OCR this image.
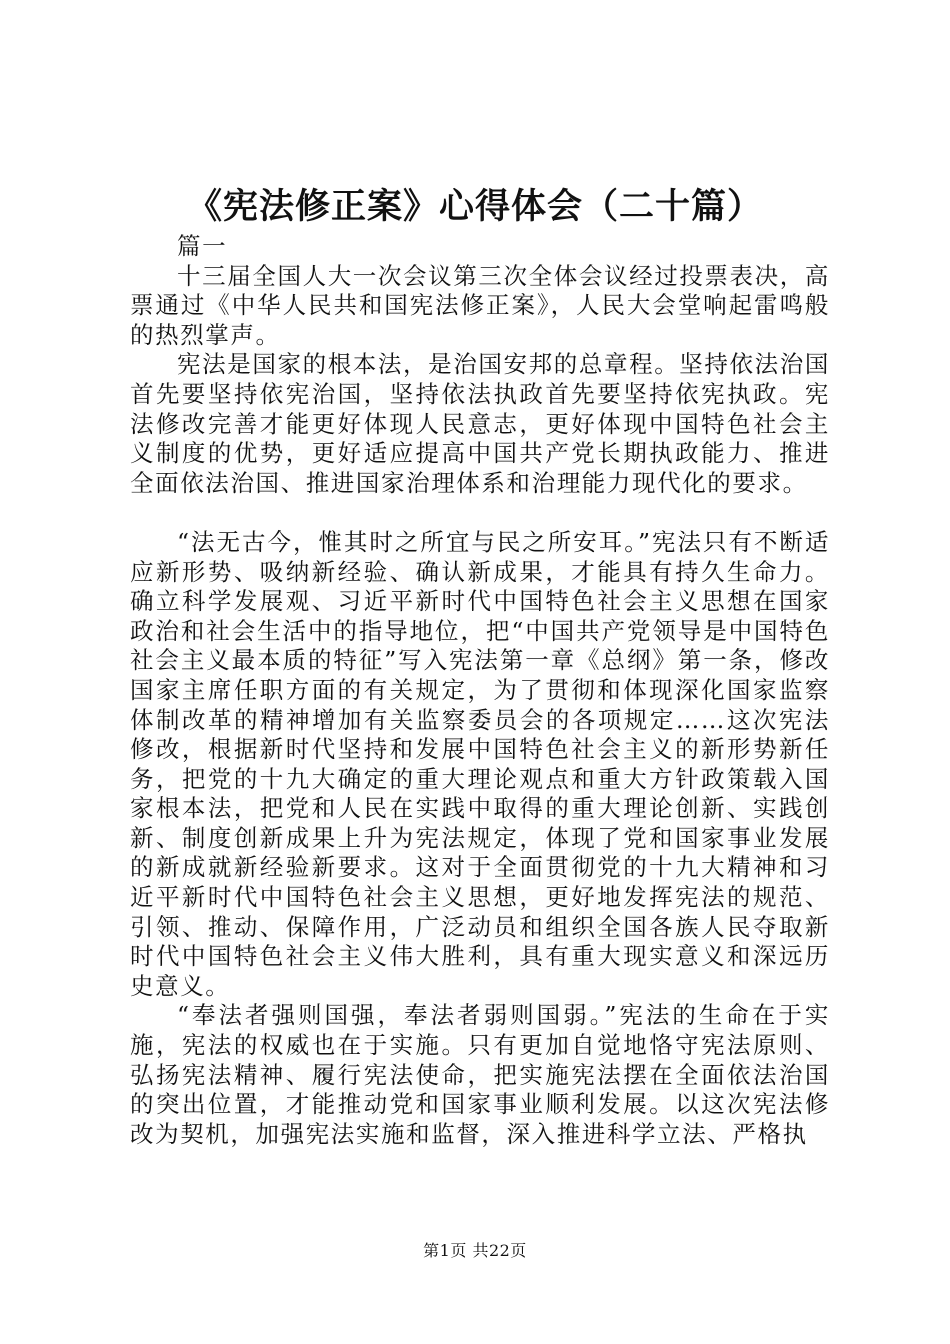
《宪法修正案》心得体会（二十篇）

篇一

十三届全国人大一次会议第三次全体会议经过投票表决，高票通过《中华人民共和国宪法修正案》，人民大会堂响起雷鸣般的热烈掌声。

宪法是国家的根本法，是治国安邦的总章程。坚持依法治国首先要坚持依宪治国，坚持依法执政首先要坚持依宪执政。宪法修改完善才能更好体现人民意志，更好体现中国特色社会主义制度的优势，更好适应提高中国共产党长期执政能力、推进全面依法治国、推进国家治理体系和治理能力现代化的要求。

“法无古今，惟其时之所宜与民之所安耳。”宪法只有不断适应新形势、吸纳新经验、确认新成果，才能具有持久生命力。确立科学发展观、习近平新时代中国特色社会主义思想在国家政治和社会生活中的指导地位，把“中国共产党领导是中国特色社会主义最本质的特征”写入宪法第一章《总纲》第一条，修改国家主席任职方面的有关规定，为了贯彻和体现深化国家监察体制改革的精神增加有关监察委员会的各项规定……这次宪法修改，根据新时代坚持和发展中国特色社会主义的新形势新任务，把党的十九大确定的重大理论观点和重大方针政策载入国家根本法，把党和人民在实践中取得的重大理论创新、实践创新、制度创新成果上升为宪法规定，体现了党和国家事业发展的新成就新经验新要求。这对于全面贯彻党的十九大精神和习近平新时代中国特色社会主义思想，更好地发挥宪法的规范、引领、推动、保障作用，广泛动员和组织全国各族人民夺取新时代中国特色社会主义伟大胜利，具有重大现实意义和深远历史意义。

“奉法者强则国强，奉法者弱则国弱。”宪法的生命在于实施，宪法的权威也在于实施。只有更加自觉地恪守宪法原则、弘扬宪法精神、履行宪法使命，把实施宪法摆在全面依法治国的突出位置，才能推动党和国家事业顺利发展。以这次宪法修改为契机，加强宪法实施和监督，深入推进科学立法、严格执

第1页 共22页
